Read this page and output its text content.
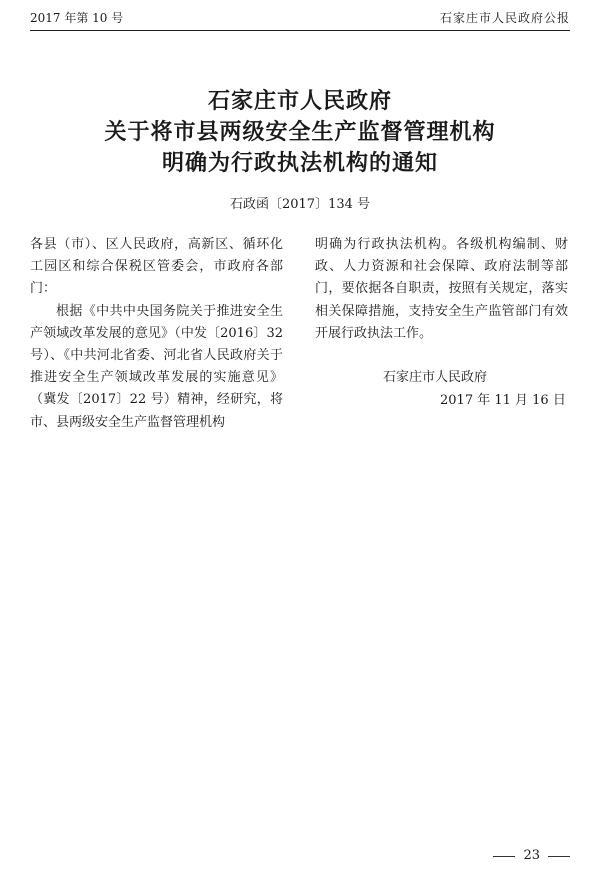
2017 年第 10 号	石家庄市人民政府公报
石家庄市人民政府
关于将市县两级安全生产监督管理机构
明确为行政执法机构的通知
石政函〔2017〕134 号

各县（市）、区人民政府，高新区、循环化工园区和综合保税区管委会，市政府各部门：

根据《中共中央国务院关于推进安全生产领域改革发展的意见》（中发〔2016〕32 号）、《中共河北省委、河北省人民政府关于推进安全生产领域改革发展的实施意见》（冀发〔2017〕22 号）精神，经研究，将市、县两级安全生产监督管理机构

明确为行政执法机构。各级机构编制、财政、人力资源和社会保障、政府法制等部门，要依据各自职责，按照有关规定，落实相关保障措施，支持安全生产监管部门有效开展行政执法工作。

石家庄市人民政府
2017 年 11 月 16 日
23
